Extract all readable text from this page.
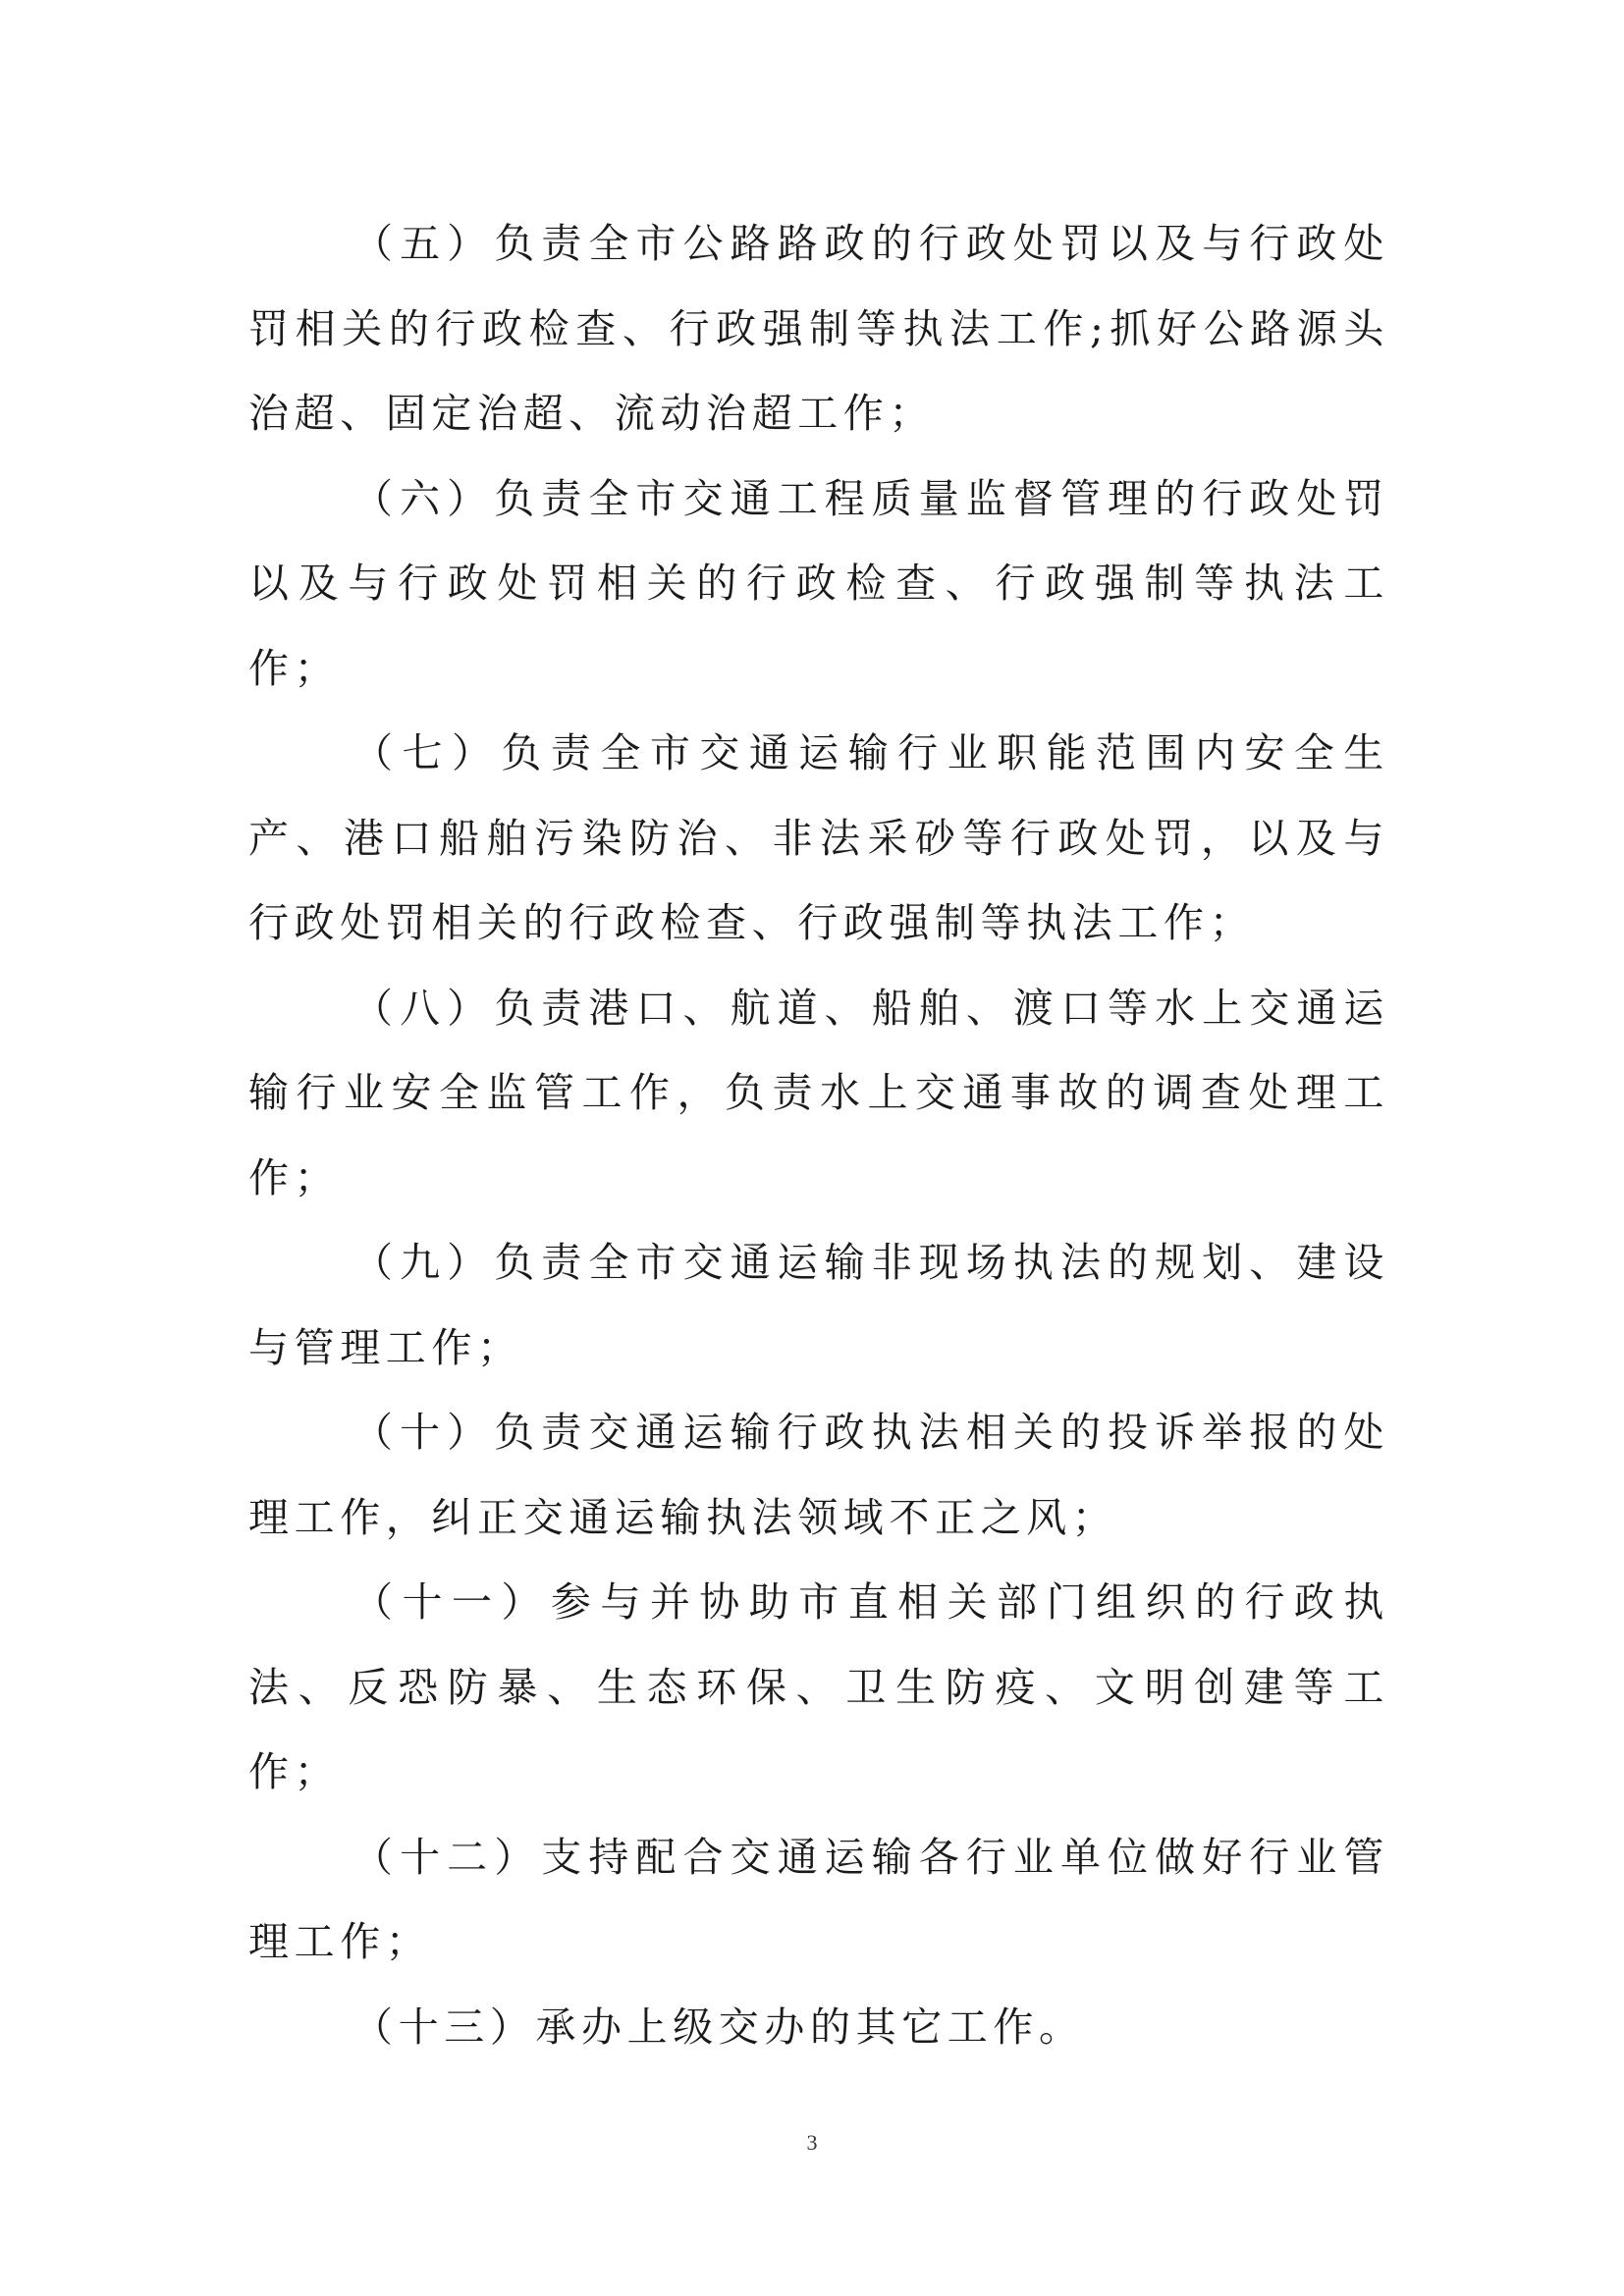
（五）负责全市公路路政的行政处罚以及与行政处罚相关的行政检查、行政强制等执法工作;抓好公路源头治超、固定治超、流动治超工作；

（六）负责全市交通工程质量监督管理的行政处罚以及与行政处罚相关的行政检查、行政强制等执法工作；

（七）负责全市交通运输行业职能范围内安全生产、港口船舶污染防治、非法采砂等行政处罚，以及与行政处罚相关的行政检查、行政强制等执法工作；

（八）负责港口、航道、船舶、渡口等水上交通运输行业安全监管工作，负责水上交通事故的调查处理工作；

（九）负责全市交通运输非现场执法的规划、建设与管理工作；

（十）负责交通运输行政执法相关的投诉举报的处理工作，纠正交通运输执法领域不正之风；

（十一）参与并协助市直相关部门组织的行政执法、反恐防暴、生态环保、卫生防疫、文明创建等工作；

（十二）支持配合交通运输各行业单位做好行业管理工作；

（十三）承办上级交办的其它工作。

3
